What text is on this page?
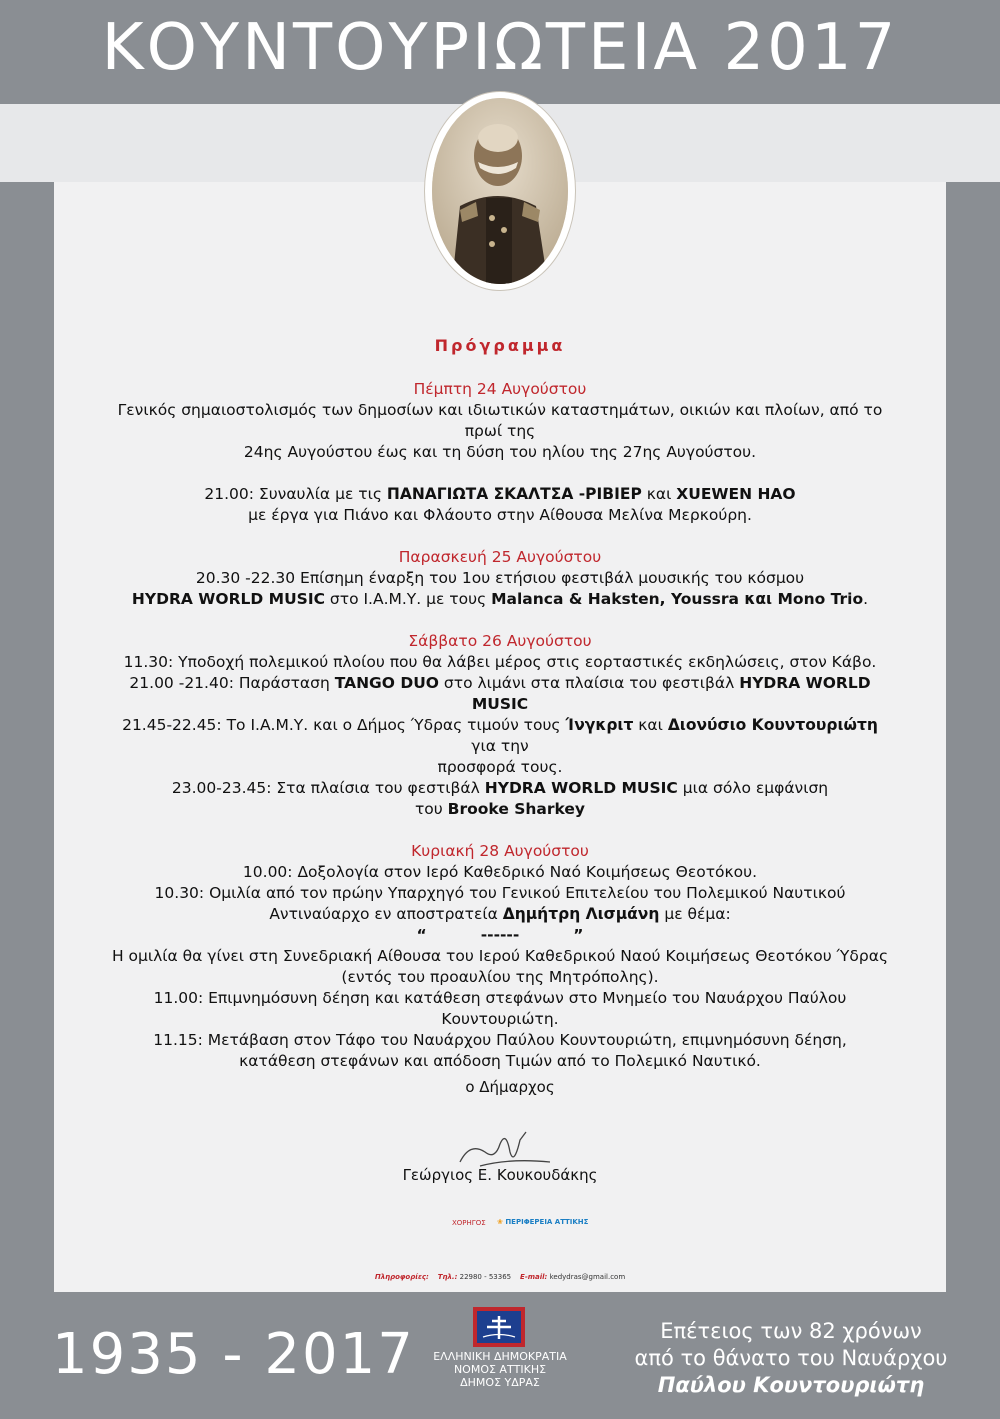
ΚΟΥΝΤΟΥΡΙΩΤΕΙΑ 2017
Πρόγραμμα
Πέμπτη 24 Αυγούστου
Γενικός σημαιοστολισμός των δημοσίων και ιδιωτικών καταστημάτων, οικιών και πλοίων, από το
πρωί της
24ης Αυγούστου έως και τη δύση του ηλίου της 27ης Αυγούστου.
21.00: Συναυλία με τις ΠΑΝΑΓΙΩΤΑ ΣΚΑΛΤΣΑ -ΡΙΒΙΕΡ και XUEWEN HAO
με έργα για Πιάνο και Φλάουτο στην Αίθουσα Μελίνα Μερκούρη.
Παρασκευή 25 Αυγούστου
20.30 -22.30 Επίσημη έναρξη του 1ου ετήσιου φεστιβάλ μουσικής του κόσμου
HYDRA WORLD MUSIC στο Ι.Α.Μ.Υ. με τους Malanca & Haksten, Youssra και Mono Trio.
Σάββατο 26 Αυγούστου
11.30: Υποδοχή πολεμικού πλοίου που θα λάβει μέρος στις εορταστικές εκδηλώσεις, στον Κάβο.
21.00 -21.40: Παράσταση TANGO DUO στο λιμάνι στα πλαίσια του φεστιβάλ HYDRA WORLD MUSIC
21.45-22.45: Το Ι.Α.Μ.Υ. και ο Δήμος Ύδρας τιμούν τους Ίνγκριτ και Διονύσιο Κουντουριώτη για την
προσφορά τους.
23.00-23.45: Στα πλαίσια του φεστιβάλ HYDRA WORLD MUSIC μια σόλο εμφάνιση
του Brooke Sharkey
Κυριακή 28 Αυγούστου
10.00: Δοξολογία στον Ιερό Καθεδρικό Ναό Κοιμήσεως Θεοτόκου.
10.30: Ομιλία από τον πρώην Υπαρχηγό του Γενικού Επιτελείου του Πολεμικού Ναυτικού
Αντιναύαρχο εν αποστρατεία Δημήτρη Λισμάνη με θέμα:
“          ------          ”
Η ομιλία θα γίνει στη Συνεδριακή Αίθουσα του Ιερού Καθεδρικού Ναού Κοιμήσεως Θεοτόκου Ύδρας
(εντός του προαυλίου της Μητρόπολης).
11.00: Επιμνημόσυνη δέηση και κατάθεση στεφάνων στο Μνημείο του Ναυάρχου Παύλου
Κουντουριώτη.
11.15: Μετάβαση στον Τάφο του Ναυάρχου Παύλου Κουντουριώτη, επιμνημόσυνη δέηση,
κατάθεση στεφάνων και απόδοση Τιμών από το Πολεμικό Ναυτικό.
ο Δήμαρχος
Γεώργιος Ε. Κουκουδάκης
ΧΟΡΗΓΟΣ ❀ ΠΕΡΙΦΕΡΕΙΑ ΑΤΤΙΚΗΣ
Πληροφορίες: Τηλ.: 22980 - 53365 E-mail: kedydras@gmail.com
1935 - 2017	ΕΛΛΗΝΙΚΗ ΔΗΜΟΚΡΑΤΙΑ
ΝΟΜΟΣ ΑΤΤΙΚΗΣ
ΔΗΜΟΣ ΥΔΡΑΣ
Επέτειος των 82 χρόνων
από το θάνατο του Ναυάρχου
Παύλου Κουντουριώτη
